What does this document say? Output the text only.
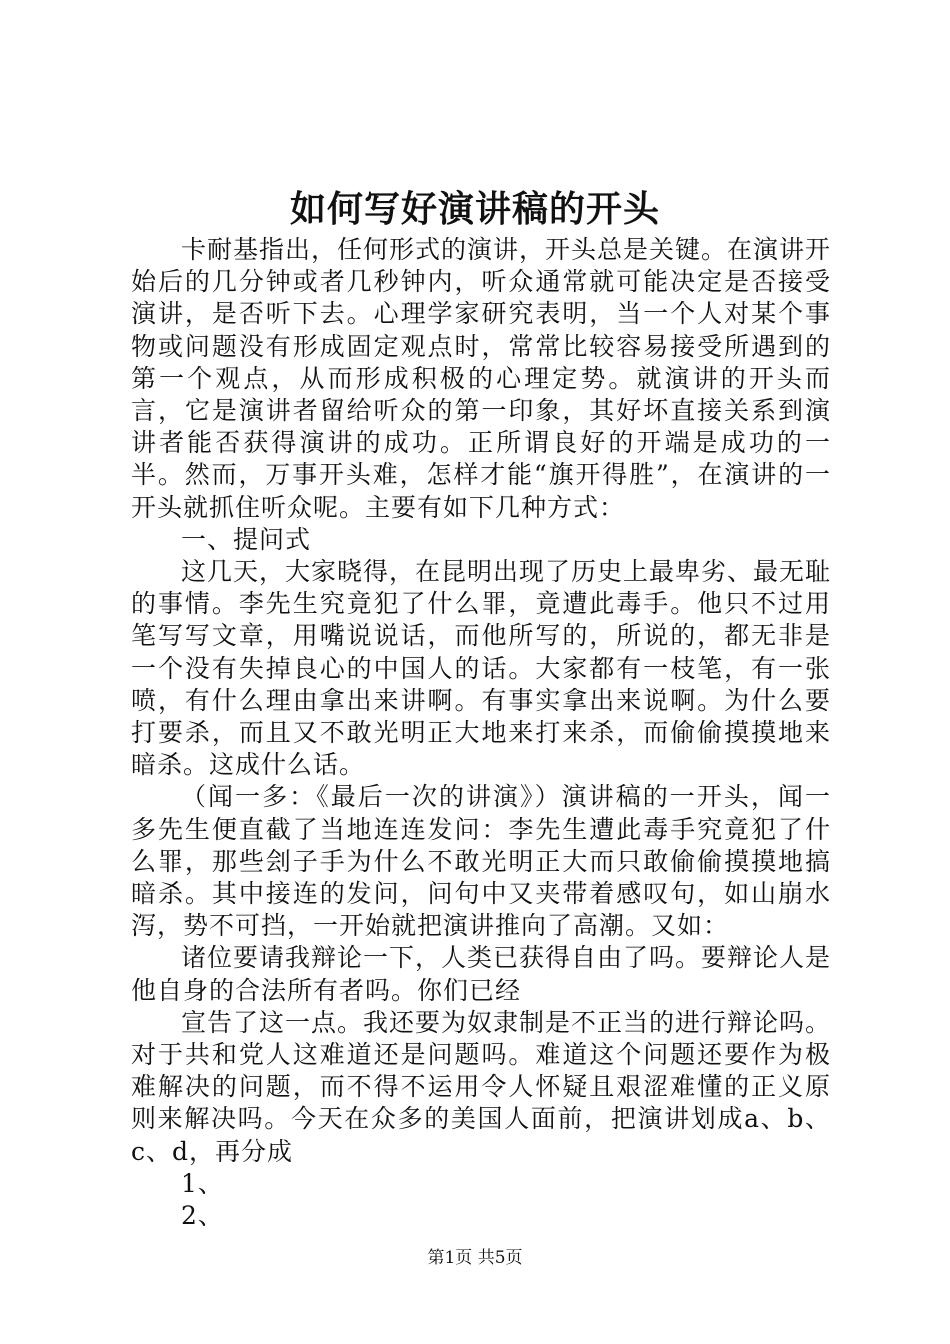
如何写好演讲稿的开头

卡耐基指出，任何形式的演讲，开头总是关键。在演讲开始后的几分钟或者几秒钟内，听众通常就可能决定是否接受演讲，是否听下去。心理学家研究表明，当一个人对某个事物或问题没有形成固定观点时，常常比较容易接受所遇到的第一个观点，从而形成积极的心理定势。就演讲的开头而言，它是演讲者留给听众的第一印象，其好坏直接关系到演讲者能否获得演讲的成功。正所谓良好的开端是成功的一半。然而，万事开头难，怎样才能“旗开得胜”，在演讲的一开头就抓住听众呢。主要有如下几种方式：

一、提问式

这几天，大家晓得，在昆明出现了历史上最卑劣、最无耻的事情。李先生究竟犯了什么罪，竟遭此毒手。他只不过用笔写写文章，用嘴说说话，而他所写的，所说的，都无非是一个没有失掉良心的中国人的话。大家都有一枝笔，有一张喷，有什么理由拿出来讲啊。有事实拿出来说啊。为什么要打要杀，而且又不敢光明正大地来打来杀，而偷偷摸摸地来暗杀。这成什么话。

（闻一多：《最后一次的讲演》）演讲稿的一开头，闻一多先生便直截了当地连连发问：李先生遭此毒手究竟犯了什么罪，那些刽子手为什么不敢光明正大而只敢偷偷摸摸地搞暗杀。其中接连的发问，问句中又夹带着感叹句，如山崩水泻，势不可挡，一开始就把演讲推向了高潮。又如：

诸位要请我辩论一下，人类已获得自由了吗。要辩论人是他自身的合法所有者吗。你们已经

宣告了这一点。我还要为奴隶制是不正当的进行辩论吗。对于共和党人这难道还是问题吗。难道这个问题还要作为极难解决的问题，而不得不运用令人怀疑且艰涩难懂的正义原则来解决吗。今天在众多的美国人面前，把演讲划成a、b、c、d，再分成

1、

2、

第1页 共5页
